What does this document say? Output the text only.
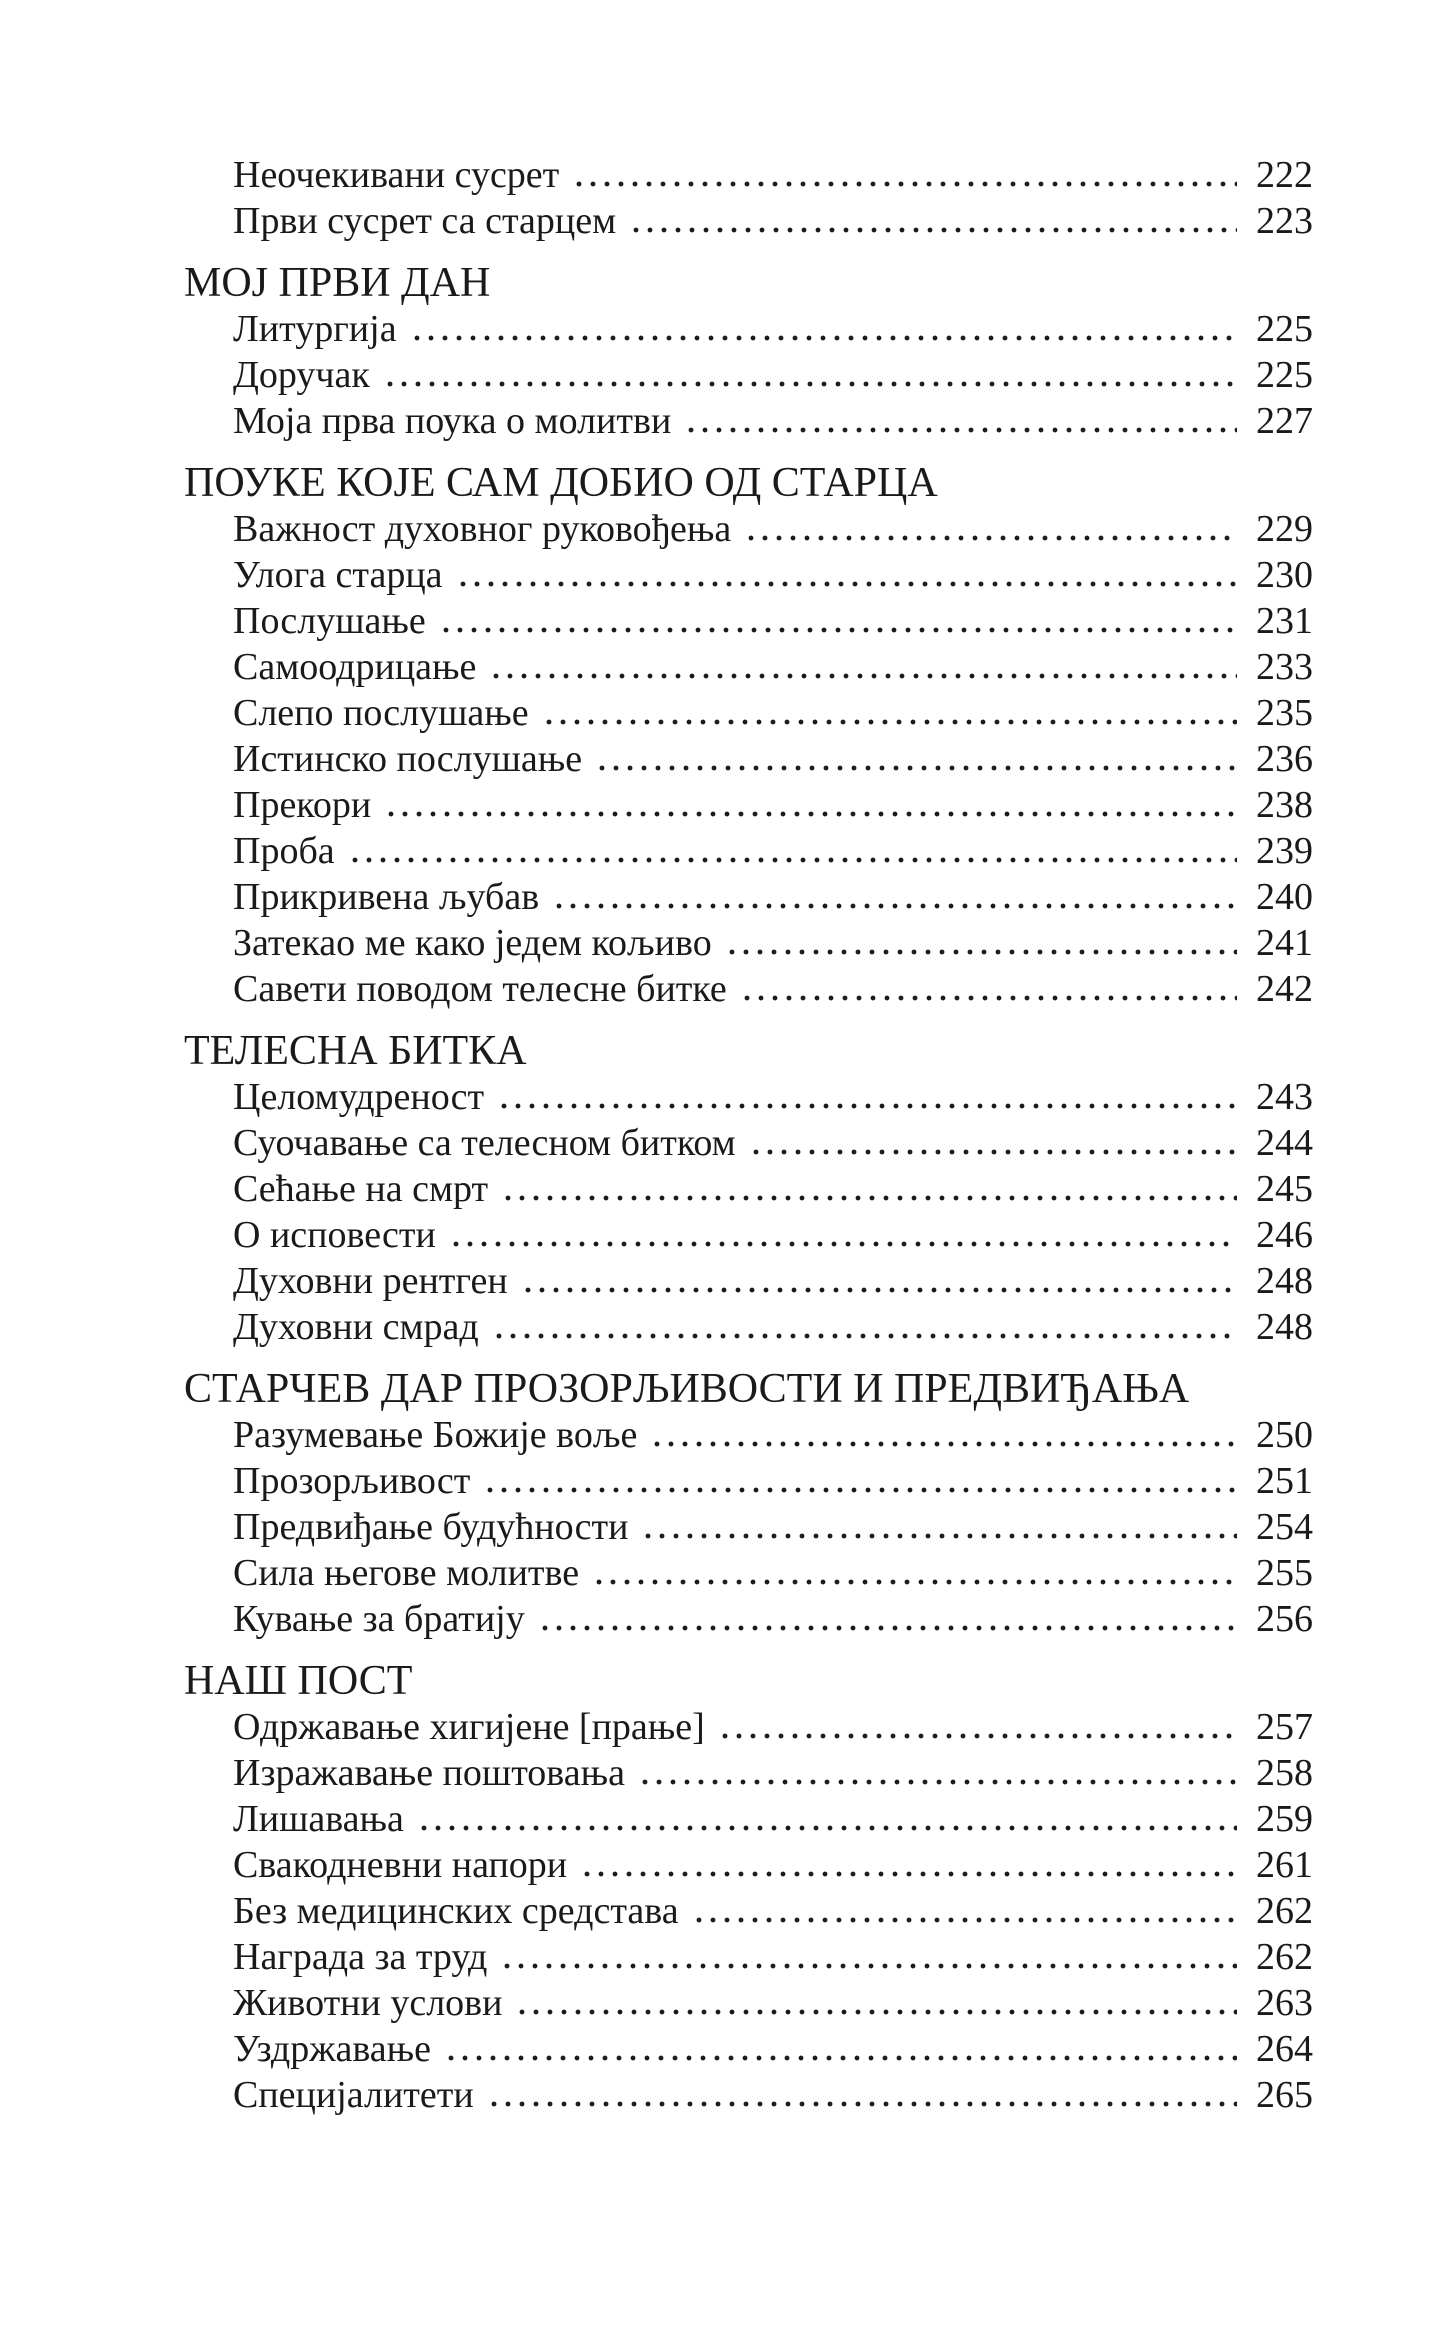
Неочекивани сусрет	222
Први сусрет са старцем	223
МОЈ ПРВИ ДАН
Литургија	225
Доручак	225
Моја прва поука о молитви	227
ПОУКЕ КОЈЕ САМ ДОБИО ОД СТАРЦА
Важност духовног руковођења	229
Улога старца	230
Послушање	231
Самоодрицање	233
Слепо послушање	235
Истинско послушање	236
Прекори	238
Проба	239
Прикривена љубав	240
Затекао ме како једем кољиво	241
Савети поводом телесне битке	242
ТЕЛЕСНА БИТКА
Целомудреност	243
Суочавање са телесном битком	244
Сећање на смрт	245
О исповести	246
Духовни рентген	248
Духовни смрад	248
СТАРЧЕВ ДАР ПРОЗОРЉИВОСТИ И ПРЕДВИЂАЊА
Разумевање Божије воље	250
Прозорљивост	251
Предвиђање будућности	254
Сила његове молитве	255
Кување за братију	256
НАШ ПОСТ
Одржавање хигијене [прање]	257
Изражавање поштовања	258
Лишавања	259
Свакодневни напори	261
Без медицинских средстава	262
Награда за труд	262
Животни услови	263
Уздржавање	264
Специјалитети	265
